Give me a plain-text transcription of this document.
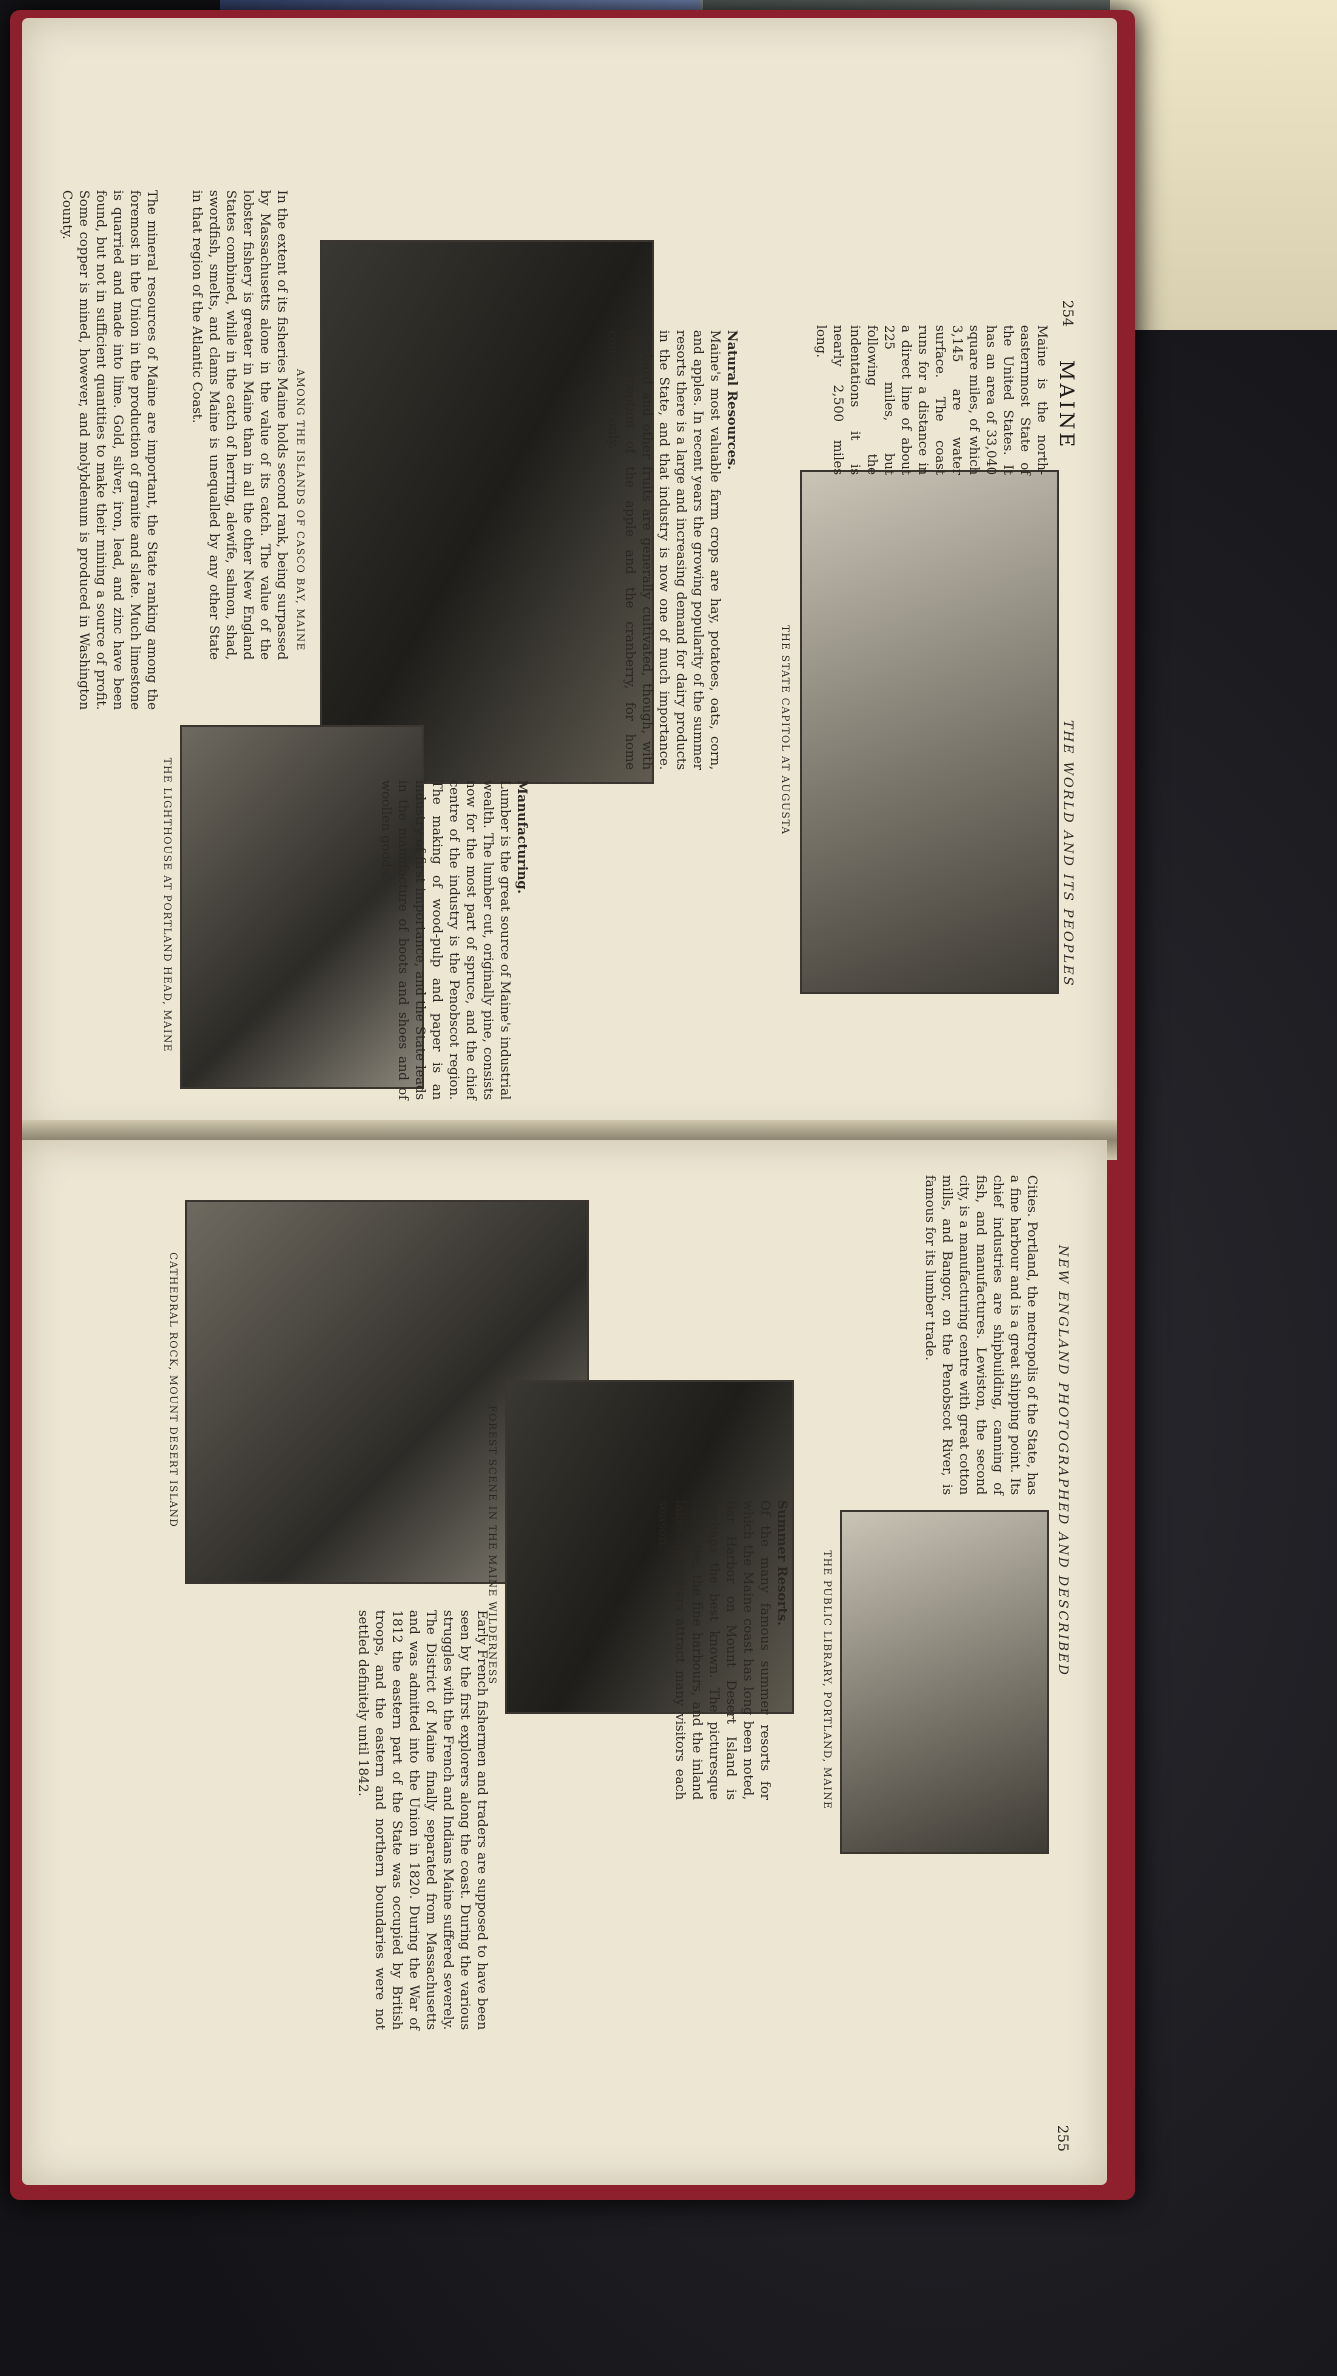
254
MAINE
THE WORLD AND ITS PEOPLES
THE STATE CAPITOL AT AUGUSTA
AMONG THE ISLANDS OF CASCO BAY, MAINE
THE LIGHTHOUSE AT PORTLAND HEAD, MAINE
Maine is the north-easternmost State of the United States. It has an area of 33,040 square miles, of which 3,145 are water surface. The coast runs for a distance in a direct line of about 225 miles, but following the indentations it is nearly 2,500 miles long.
Natural Resources.
Maine's most valuable farm crops are hay, potatoes, oats, corn, and apples. In recent years the growing popularity of the summer resorts there is a large and increasing demand for dairy products in the State, and that industry is now one of much importance. Orchard and other fruits are generally cultivated, though, with the exception of the apple and the cranberry, for home consumption only.
Manufacturing.
Lumber is the great source of Maine's industrial wealth. The lumber cut, originally pine, consists now for the most part of spruce, and the chief centre of the industry is the Penobscot region. The making of wood-pulp and paper is an industry of first importance, and the State leads in the manufacture of boots and shoes and of woollen goods.
In the extent of its fisheries Maine holds second rank, being surpassed by Massachusetts alone in the value of its catch. The value of the lobster fishery is greater in Maine than in all the other New England States combined, while in the catch of herring, alewife, salmon, shad, swordfish, smelts, and clams Maine is unequalled by any other State in that region of the Atlantic Coast.
The mineral resources of Maine are important, the State ranking among the foremost in the Union in the production of granite and slate. Much limestone is quarried and made into lime. Gold, silver, iron, lead, and zinc have been found, but not in sufficient quantities to make their mining a source of profit. Some copper is mined, however, and molybdenum is produced in Washington County.
NEW ENGLAND PHOTOGRAPHED AND DESCRIBED
255
CATHEDRAL ROCK, MOUNT DESERT ISLAND
FOREST SCENE IN THE MAINE WILDERNESS	THE PUBLIC LIBRARY, PORTLAND, MAINE
Cities. Portland, the metropolis of the State, has a fine harbour and is a great shipping point. Its chief industries are shipbuilding, canning of fish, and manufactures. Lewiston, the second city, is a manufacturing centre with great cotton mills, and Bangor, on the Penobscot River, is famous for its lumber trade.
Summer Resorts.
Of the many famous summer resorts for which the Maine coast has long been noted, Bar Harbor on Mount Desert Island is perhaps the best known. The picturesque coast line, the fine harbours, and the inland lakes and rivers attract many visitors each season.
Early French fishermen and traders are supposed to have been seen by the first explorers along the coast. During the various struggles with the French and Indians Maine suffered severely. The District of Maine finally separated from Massachusetts and was admitted into the Union in 1820. During the War of 1812 the eastern part of the State was occupied by British troops, and the eastern and northern boundaries were not settled definitely until 1842.
